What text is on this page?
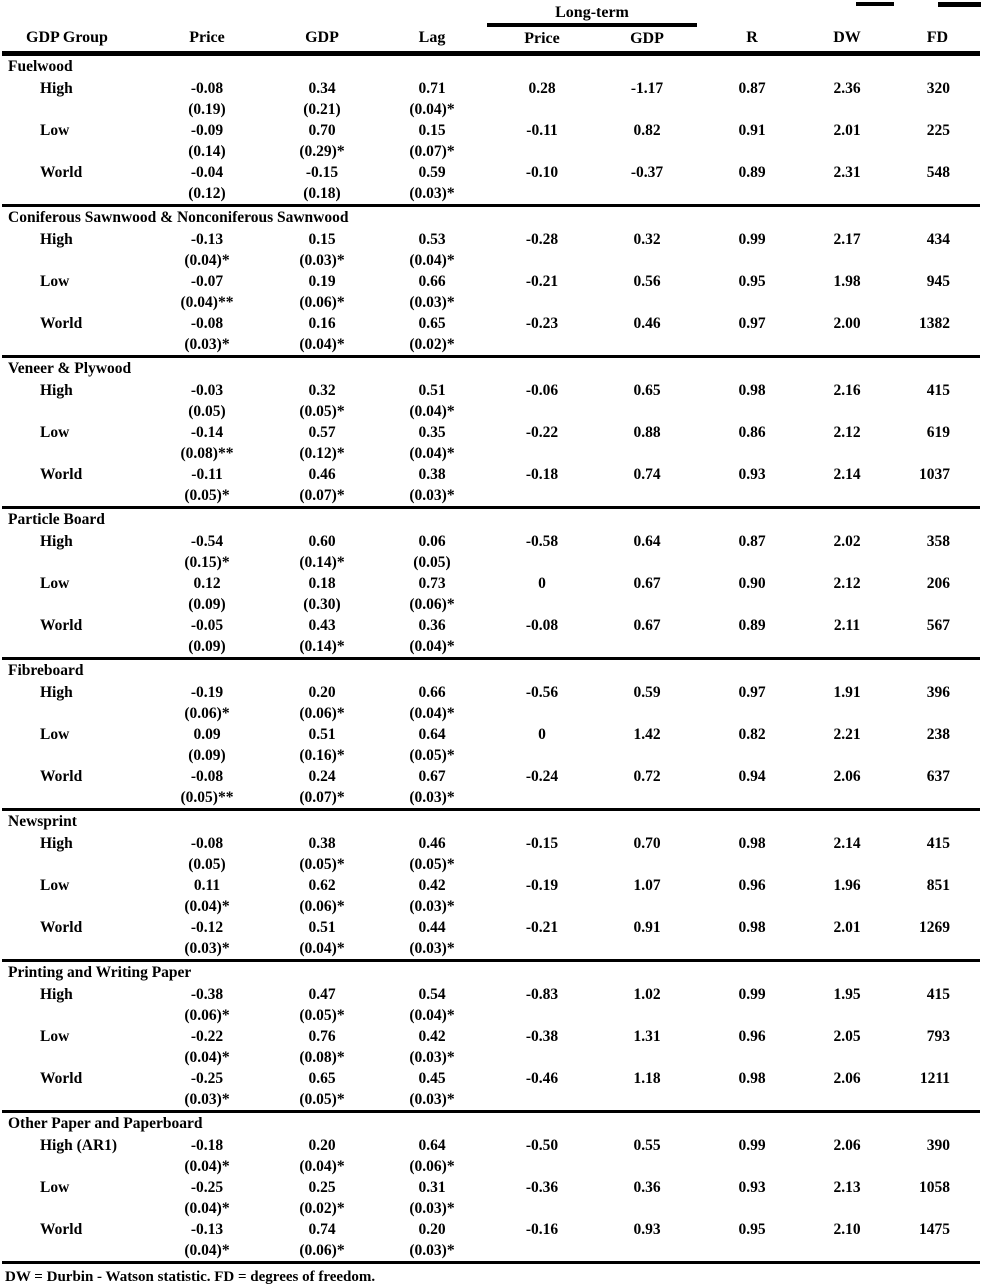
				Long-term				
GDP Group	Price	GDP	Lag	Price	GDP	R	DW	FD
Fuelwood								
High	-0.08	0.34	0.71	0.28	-1.17	0.87	2.36	320
	(0.19)	(0.21)	(0.04)*					
Low	-0.09	0.70	0.15	-0.11	0.82	0.91	2.01	225
	(0.14)	(0.29)*	(0.07)*					
World	-0.04	-0.15	0.59	-0.10	-0.37	0.89	2.31	548
	(0.12)	(0.18)	(0.03)*					
Coniferous Sawnwood & Nonconiferous Sawnwood								
High	-0.13	0.15	0.53	-0.28	0.32	0.99	2.17	434
	(0.04)*	(0.03)*	(0.04)*					
Low	-0.07	0.19	0.66	-0.21	0.56	0.95	1.98	945
	(0.04)**	(0.06)*	(0.03)*					
World	-0.08	0.16	0.65	-0.23	0.46	0.97	2.00	1382
	(0.03)*	(0.04)*	(0.02)*					
Veneer & Plywood								
High	-0.03	0.32	0.51	-0.06	0.65	0.98	2.16	415
	(0.05)	(0.05)*	(0.04)*					
Low	-0.14	0.57	0.35	-0.22	0.88	0.86	2.12	619
	(0.08)**	(0.12)*	(0.04)*					
World	-0.11	0.46	0.38	-0.18	0.74	0.93	2.14	1037
	(0.05)*	(0.07)*	(0.03)*					
Particle Board								
High	-0.54	0.60	0.06	-0.58	0.64	0.87	2.02	358
	(0.15)*	(0.14)*	(0.05)					
Low	0.12	0.18	0.73	0	0.67	0.90	2.12	206
	(0.09)	(0.30)	(0.06)*					
World	-0.05	0.43	0.36	-0.08	0.67	0.89	2.11	567
	(0.09)	(0.14)*	(0.04)*					
Fibreboard								
High	-0.19	0.20	0.66	-0.56	0.59	0.97	1.91	396
	(0.06)*	(0.06)*	(0.04)*					
Low	0.09	0.51	0.64	0	1.42	0.82	2.21	238
	(0.09)	(0.16)*	(0.05)*					
World	-0.08	0.24	0.67	-0.24	0.72	0.94	2.06	637
	(0.05)**	(0.07)*	(0.03)*					
Newsprint								
High	-0.08	0.38	0.46	-0.15	0.70	0.98	2.14	415
	(0.05)	(0.05)*	(0.05)*					
Low	0.11	0.62	0.42	-0.19	1.07	0.96	1.96	851
	(0.04)*	(0.06)*	(0.03)*					
World	-0.12	0.51	0.44	-0.21	0.91	0.98	2.01	1269
	(0.03)*	(0.04)*	(0.03)*					
Printing and Writing Paper								
High	-0.38	0.47	0.54	-0.83	1.02	0.99	1.95	415
	(0.06)*	(0.05)*	(0.04)*					
Low	-0.22	0.76	0.42	-0.38	1.31	0.96	2.05	793
	(0.04)*	(0.08)*	(0.03)*					
World	-0.25	0.65	0.45	-0.46	1.18	0.98	2.06	1211
	(0.03)*	(0.05)*	(0.03)*					
Other Paper and Paperboard								
High (AR1)	-0.18	0.20	0.64	-0.50	0.55	0.99	2.06	390
	(0.04)*	(0.04)*	(0.06)*					
Low	-0.25	0.25	0.31	-0.36	0.36	0.93	2.13	1058
	(0.04)*	(0.02)*	(0.03)*					
World	-0.13	0.74	0.20	-0.16	0.93	0.95	2.10	1475
	(0.04)*	(0.06)*	(0.03)*					
DW = Durbin - Watson statistic. FD = degrees of freedom.
